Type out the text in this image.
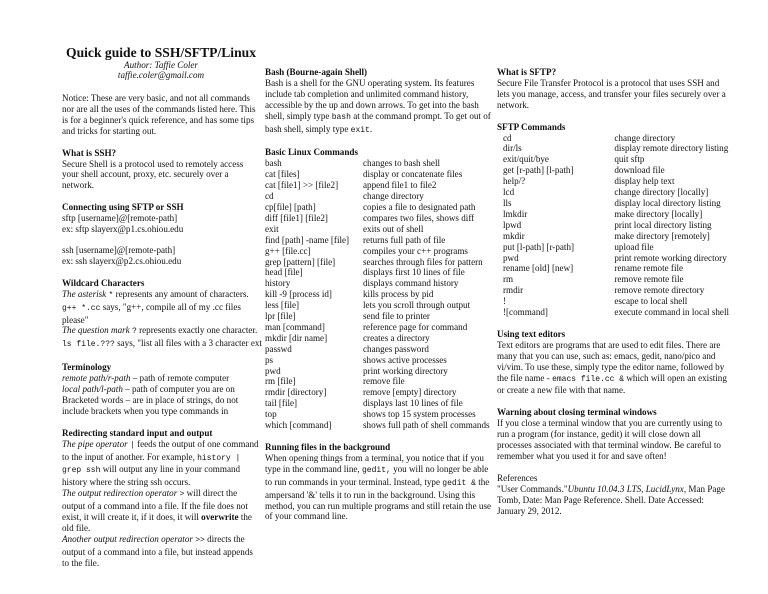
Quick guide to SSH/SFTP/Linux

Author: Taffie Coler

taffie.coler@gmail.com

Notice: These are very basic, and not all commands nor are all the uses of the commands listed here. This is for a beginner's quick reference, and has some tips and tricks for starting out.

What is SSH?

Secure Shell is a protocol used to remotely access your shell account, proxy, etc. securely over a network.

Connecting using SFTP or SSH

sftp [username]@[remote-path]

ex: sftp slayerx@p1.cs.ohiou.edu

ssh [username]@[remote-path]

ex: ssh slayerx@p2.cs.ohiou.edu

Wildcard Characters

The asterisk * represents any amount of characters.

g++ *.cc says, "g++, compile all of my .cc files please"

The question mark ? represents exactly one character.

ls file.??? says, "list all files with a 3 character ext

Terminology

remote path/r-path – path of remote computer

local path/l-path – path of computer you are on

Bracketed words – are in place of strings, do not include brackets when you type commands in

Redirecting standard input and output

The pipe operator | feeds the output of one command to the input of another. For example, history | grep ssh will output any line in your command history where the string ssh occurs.

The output redirection operator > will direct the output of a command into a file. If the file does not exist, it will create it, if it does, it will overwrite the old file.

Another output redirection operator >> directs the output of a command into a file, but instead appends to the file.

Bash (Bourne-again Shell)

Bash is a shell for the GNU operating system. Its features include tab completion and unlimited command history, accessible by the up and down arrows. To get into the bash shell, simply type bash at the command prompt. To get out of bash shell, simply type exit.

Basic Linux Commands

bash	changes to bash shell
cat [files]	display or concatenate files
cat [file1] >> [file2]	append file1 to file2
cd	change directory
cp[file] [path]	copies a file to designated path
diff [file1] [file2]	compares two files, shows diff
exit	exits out of shell
find [path] -name [file]	returns full path of file
g++ [file.cc]	compiles your c++ programs
grep [pattern] [file]	searches through files for pattern
head [file]	displays first 10 lines of file
history	displays command history
kill -9 [process id]	kills process by pid
less [file]	lets you scroll through output
lpr [file]	send file to printer
man [command]	reference page for command
mkdir [dir name]	creates a directory
passwd	changes password
ps	shows active processes
pwd	print working directory
rm [file]	remove file
rmdir [directory]	remove [empty] directory
tail [file]	displays last 10 lines of file
top	shows top 15 system processes
which [command]	shows full path of shell commands

Running files in the background

When opening things from a terminal, you notice that if you type in the command line, gedit, you will no longer be able to run commands in your terminal. Instead, type gedit & the ampersand '&' tells it to run in the background. Using this method, you can run multiple programs and still retain the use of your command line.

What is SFTP?

Secure File Transfer Protocol is a protocol that uses SSH and lets you manage, access, and transfer your files securely over a network.

SFTP Commands

cd	change directory
dir/ls	display remote directory listing
exit/quit/bye	quit sftp
get [r-path] [l-path]	download file
help/?	display help text
lcd	change directory [locally]
lls	display local directory listing
lmkdir	make directory [locally]
lpwd	print local directory listing
mkdir	make directory [remotely]
put [l-path] [r-path]	upload file
pwd	print remote working directory
rename [old] [new]	rename remote file
rm	remove remote file
rmdir	remove remote directory
!	escape to local shell
![command]	execute command in local shell

Using text editors

Text editors are programs that are used to edit files. There are many that you can use, such as: emacs, gedit, nano/pico and vi/vim. To use these, simply type the editor name, followed by the file name - emacs file.cc & which will open an existing or create a new file with that name.

Warning about closing terminal windows

If you close a terminal window that you are currently using to run a program (for instance, gedit) it will close down all processes associated with that terminal window. Be careful to remember what you used it for and save often!

References

"User Commands."Ubuntu 10.04.3 LTS, LucidLynx, Man Page Tomb, Date: Man Page Reference. Shell. Date Accessed: January 29, 2012.
